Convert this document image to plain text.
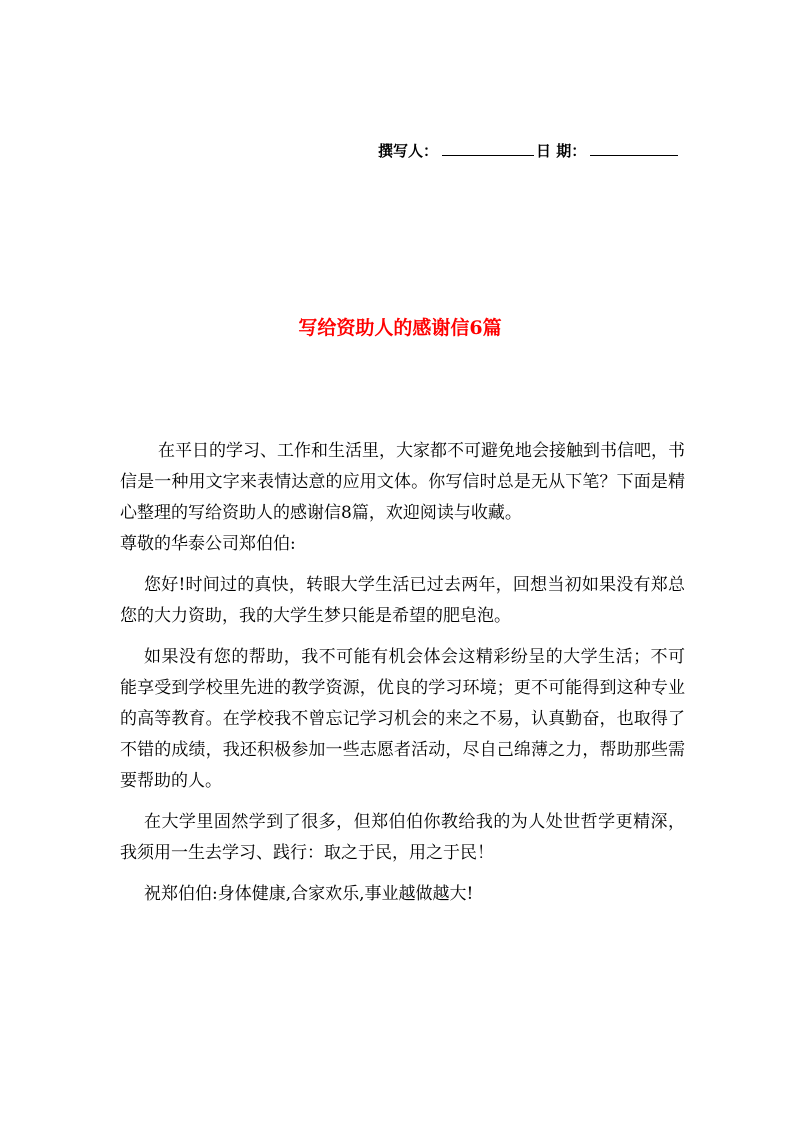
撰写人：	日 期：
写给资助人的感谢信6篇

在平日的学习、工作和生活里，大家都不可避免地会接触到书信吧，书信是一种用文字来表情达意的应用文体。你写信时总是无从下笔？下面是精心整理的写给资助人的感谢信8篇，欢迎阅读与收藏。

尊敬的华泰公司郑伯伯:

您好!时间过的真快，转眼大学生活已过去两年，回想当初如果没有郑总您的大力资助，我的大学生梦只能是希望的肥皂泡。

如果没有您的帮助，我不可能有机会体会这精彩纷呈的大学生活；不可能享受到学校里先进的教学资源，优良的学习环境；更不可能得到这种专业的高等教育。在学校我不曾忘记学习机会的来之不易，认真勤奋，也取得了不错的成绩，我还积极参加一些志愿者活动，尽自己绵薄之力，帮助那些需要帮助的人。

在大学里固然学到了很多，但郑伯伯你教给我的为人处世哲学更精深，我须用一生去学习、践行：取之于民，用之于民！

祝郑伯伯:身体健康,合家欢乐,事业越做越大!
